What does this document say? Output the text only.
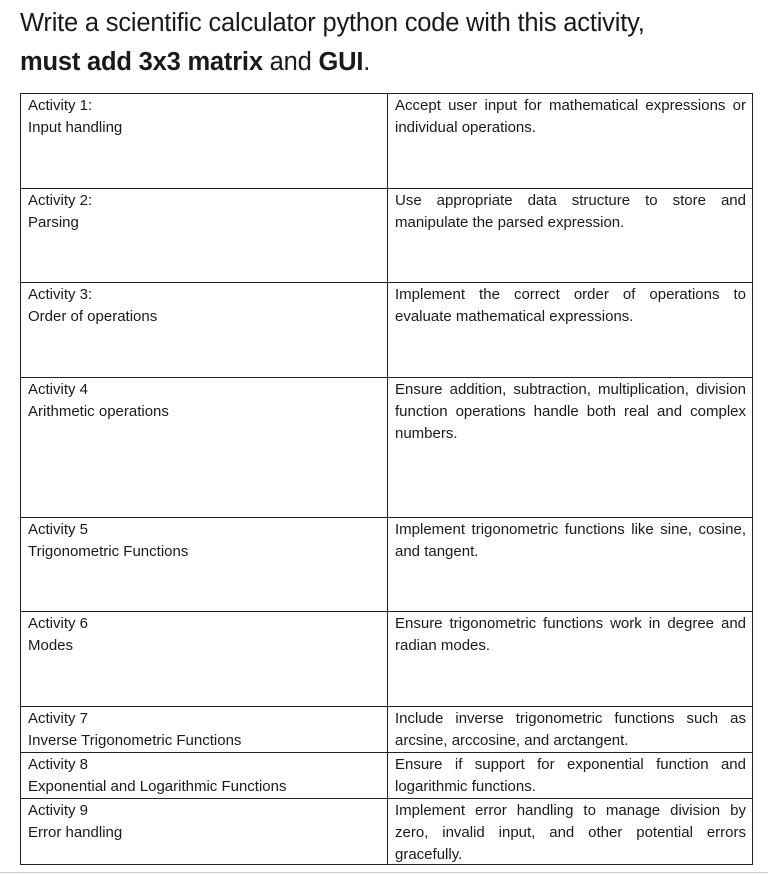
Write a scientific calculator python code with this activity,
must add 3x3 matrix and GUI.
Activity 1:
Input handling
Accept user input for mathematical expressions or individual operations.
Activity 2:
Parsing
Use appropriate data structure to store and manipulate the parsed expression.
Activity 3:
Order of operations
Implement the correct order of operations to evaluate mathematical expressions.
Activity 4
Arithmetic operations
Ensure addition, subtraction, multiplication, division function operations handle both real and complex numbers.
Activity 5
Trigonometric Functions
Implement trigonometric functions like sine, cosine, and tangent.
Activity 6
Modes
Ensure trigonometric functions work in degree and radian modes.
Activity 7
Inverse Trigonometric Functions
Include inverse trigonometric functions such as arcsine, arccosine, and arctangent.
Activity 8
Exponential and Logarithmic Functions
Ensure if support for exponential function and logarithmic functions.
Activity 9
Error handling
Implement error handling to manage division by zero, invalid input, and other potential errors gracefully.
